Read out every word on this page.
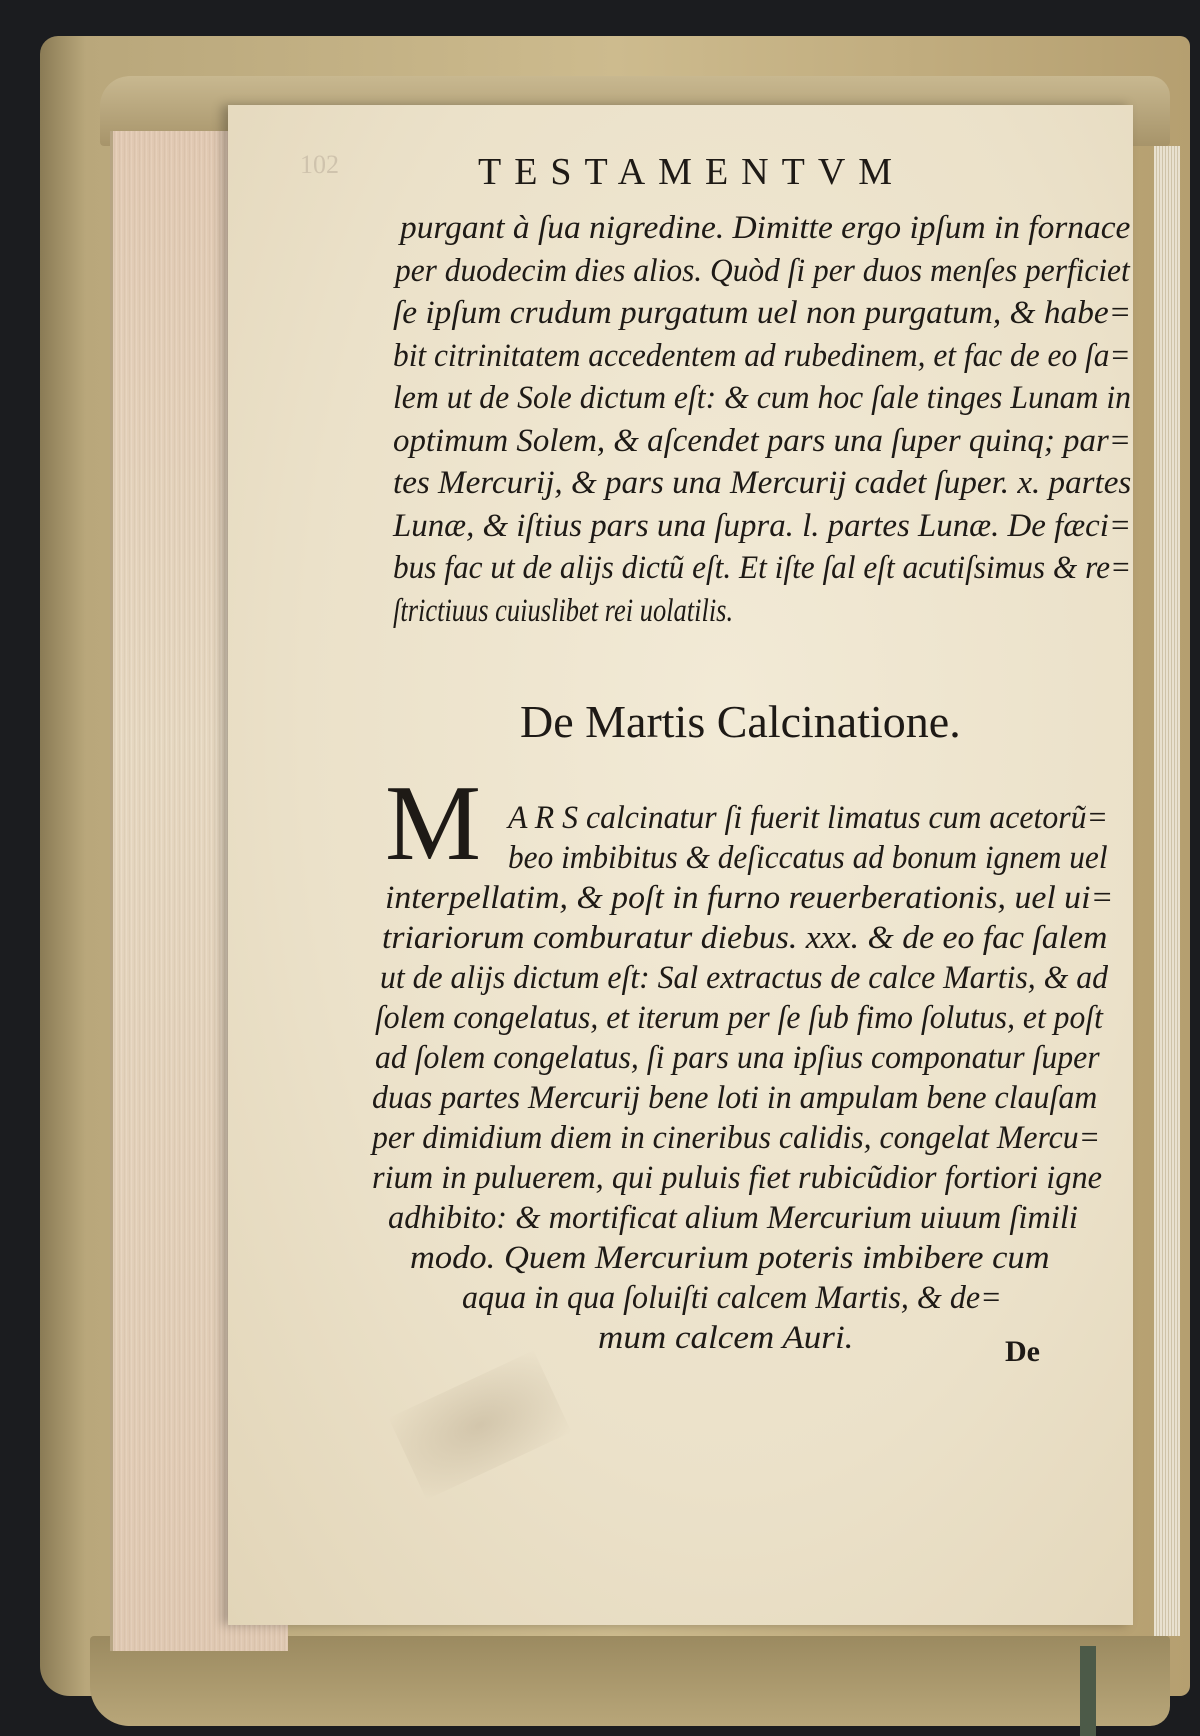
102	TESTAMENTVM
purgant à ſua nigredine. Dimitte ergo ipſum in fornace
per duodecim dies alios. Quòd ſi per duos menſes perficiet
ſe ipſum crudum purgatum uel non purgatum, & habe=
bit citrinitatem accedentem ad rubedinem, et fac de eo ſa=
lem ut de Sole dictum eſt: & cum hoc ſale tinges Lunam in
optimum Solem, & aſcendet pars una ſuper quinq; par=
tes Mercurij, & pars una Mercurij cadet ſuper. x. partes
Lunæ, & iſtius pars una ſupra. l. partes Lunæ. De fæci=
bus fac ut de alijs dictũ eſt. Et iſte ſal eſt acutiſsimus & re=
ſtrictiuus cuiuslibet rei uolatilis.
De Martis Calcinatione.
M A R S calcinatur ſi fuerit limatus cum acetorũ=
beo imbibitus & deſiccatus ad bonum ignem uel
interpellatim, & poſt in furno reuerberationis, uel ui=
triariorum comburatur diebus. xxx. & de eo fac ſalem
ut de alijs dictum eſt: Sal extractus de calce Martis, & ad
ſolem congelatus, et iterum per ſe ſub fimo ſolutus, et poſt
ad ſolem congelatus, ſi pars una ipſius componatur ſuper
duas partes Mercurij bene loti in ampulam bene clauſam
per dimidium diem in cineribus calidis, congelat Mercu=
rium in puluerem, qui puluis fiet rubicũdior fortiori igne
adhibito: & mortificat alium Mercurium uiuum ſimili
modo. Quem Mercurium poteris imbibere cum
aqua in qua ſoluiſti calcem Martis, & de=
mum calcem Auri.	De
